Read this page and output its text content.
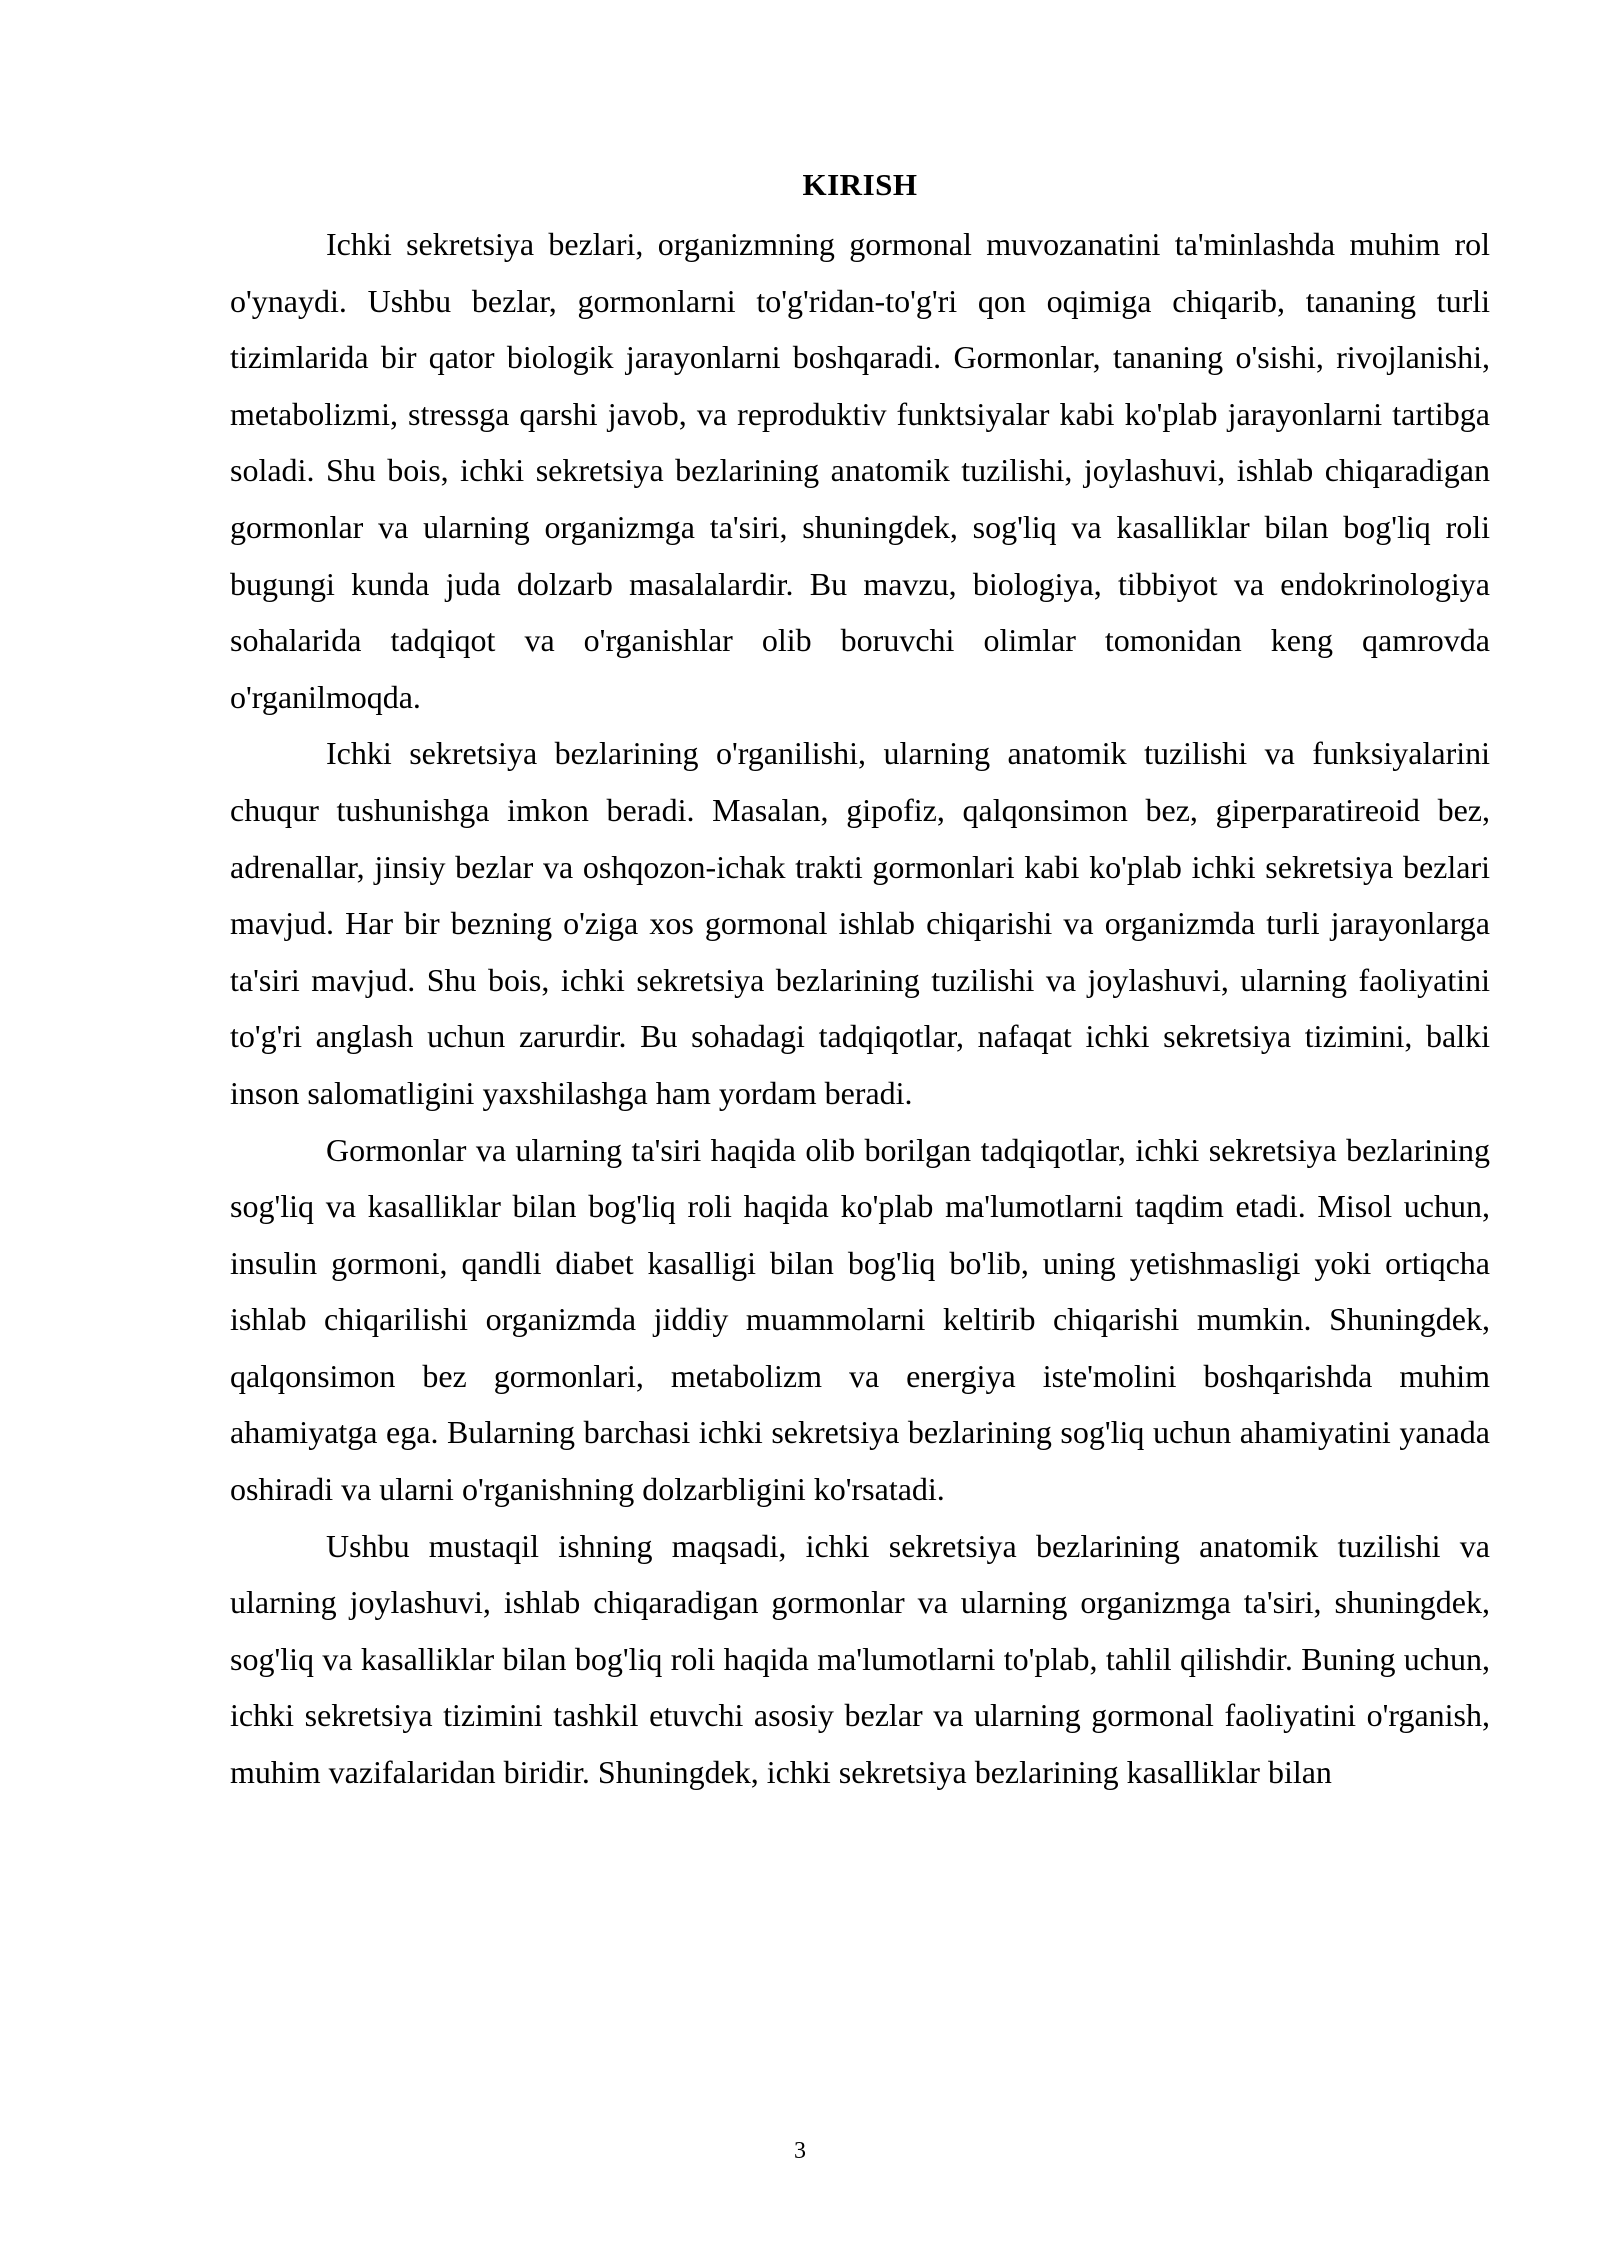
KIRISH

Ichki sekretsiya bezlari, organizmning gormonal muvozanatini ta'minlashda muhim rol o'ynaydi. Ushbu bezlar, gormonlarni to'g'ridan-to'g'ri qon oqimiga chiqarib, tananing turli tizimlarida bir qator biologik jarayonlarni boshqaradi. Gormonlar, tananing o'sishi, rivojlanishi, metabolizmi, stressga qarshi javob, va reproduktiv funktsiyalar kabi ko'plab jarayonlarni tartibga soladi. Shu bois, ichki sekretsiya bezlarining anatomik tuzilishi, joylashuvi, ishlab chiqaradigan gormonlar va ularning organizmga ta'siri, shuningdek, sog'liq va kasalliklar bilan bog'liq roli bugungi kunda juda dolzarb masalalardir. Bu mavzu, biologiya, tibbiyot va endokrinologiya sohalarida tadqiqot va o'rganishlar olib boruvchi olimlar tomonidan keng qamrovda o'rganilmoqda.

Ichki sekretsiya bezlarining o'rganilishi, ularning anatomik tuzilishi va funksiyalarini chuqur tushunishga imkon beradi. Masalan, gipofiz, qalqonsimon bez, giperparatireoid bez, adrenallar, jinsiy bezlar va oshqozon-ichak trakti gormonlari kabi ko'plab ichki sekretsiya bezlari mavjud. Har bir bezning o'ziga xos gormonal ishlab chiqarishi va organizmda turli jarayonlarga ta'siri mavjud. Shu bois, ichki sekretsiya bezlarining tuzilishi va joylashuvi, ularning faoliyatini to'g'ri anglash uchun zarurdir. Bu sohadagi tadqiqotlar, nafaqat ichki sekretsiya tizimini, balki inson salomatligini yaxshilashga ham yordam beradi.

Gormonlar va ularning ta'siri haqida olib borilgan tadqiqotlar, ichki sekretsiya bezlarining sog'liq va kasalliklar bilan bog'liq roli haqida ko'plab ma'lumotlarni taqdim etadi. Misol uchun, insulin gormoni, qandli diabet kasalligi bilan bog'liq bo'lib, uning yetishmasligi yoki ortiqcha ishlab chiqarilishi organizmda jiddiy muammolarni keltirib chiqarishi mumkin. Shuningdek, qalqonsimon bez gormonlari, metabolizm va energiya iste'molini boshqarishda muhim ahamiyatga ega. Bularning barchasi ichki sekretsiya bezlarining sog'liq uchun ahamiyatini yanada oshiradi va ularni o'rganishning dolzarbligini ko'rsatadi.

Ushbu mustaqil ishning maqsadi, ichki sekretsiya bezlarining anatomik tuzilishi va ularning joylashuvi, ishlab chiqaradigan gormonlar va ularning organizmga ta'siri, shuningdek, sog'liq va kasalliklar bilan bog'liq roli haqida ma'lumotlarni to'plab, tahlil qilishdir. Buning uchun, ichki sekretsiya tizimini tashkil etuvchi asosiy bezlar va ularning gormonal faoliyatini o'rganish, muhim vazifalaridan biridir. Shuningdek, ichki sekretsiya bezlarining kasalliklar bilan

3
